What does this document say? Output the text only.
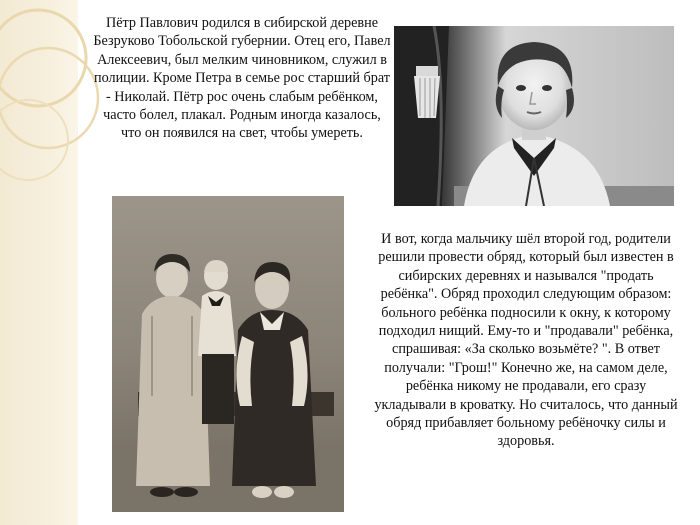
Пётр Павлович родился в сибирской деревне Безруково Тобольской губернии. Отец его, Павел Алексеевич, был мелким чиновником, служил в полиции. Кроме Петра в семье рос старший брат - Николай. Пётр рос очень слабым ребёнком, часто болел, плакал. Родным иногда казалось, что он появился на свет, чтобы умереть.

И вот, когда мальчику шёл второй год, родители решили провести обряд, который был известен в сибирских деревнях и назывался "продать ребёнка". Обряд проходил следующим образом: больного ребёнка подносили к окну, к которому подходил нищий. Ему-то и "продавали" ребёнка, спрашивая: «За сколько возьмёте? ". В ответ получали: "Грош!" Конечно же, на самом деле, ребёнка никому не продавали, его сразу укладывали в кроватку. Но считалось, что данный обряд прибавляет больному ребёночку силы и здоровья.
